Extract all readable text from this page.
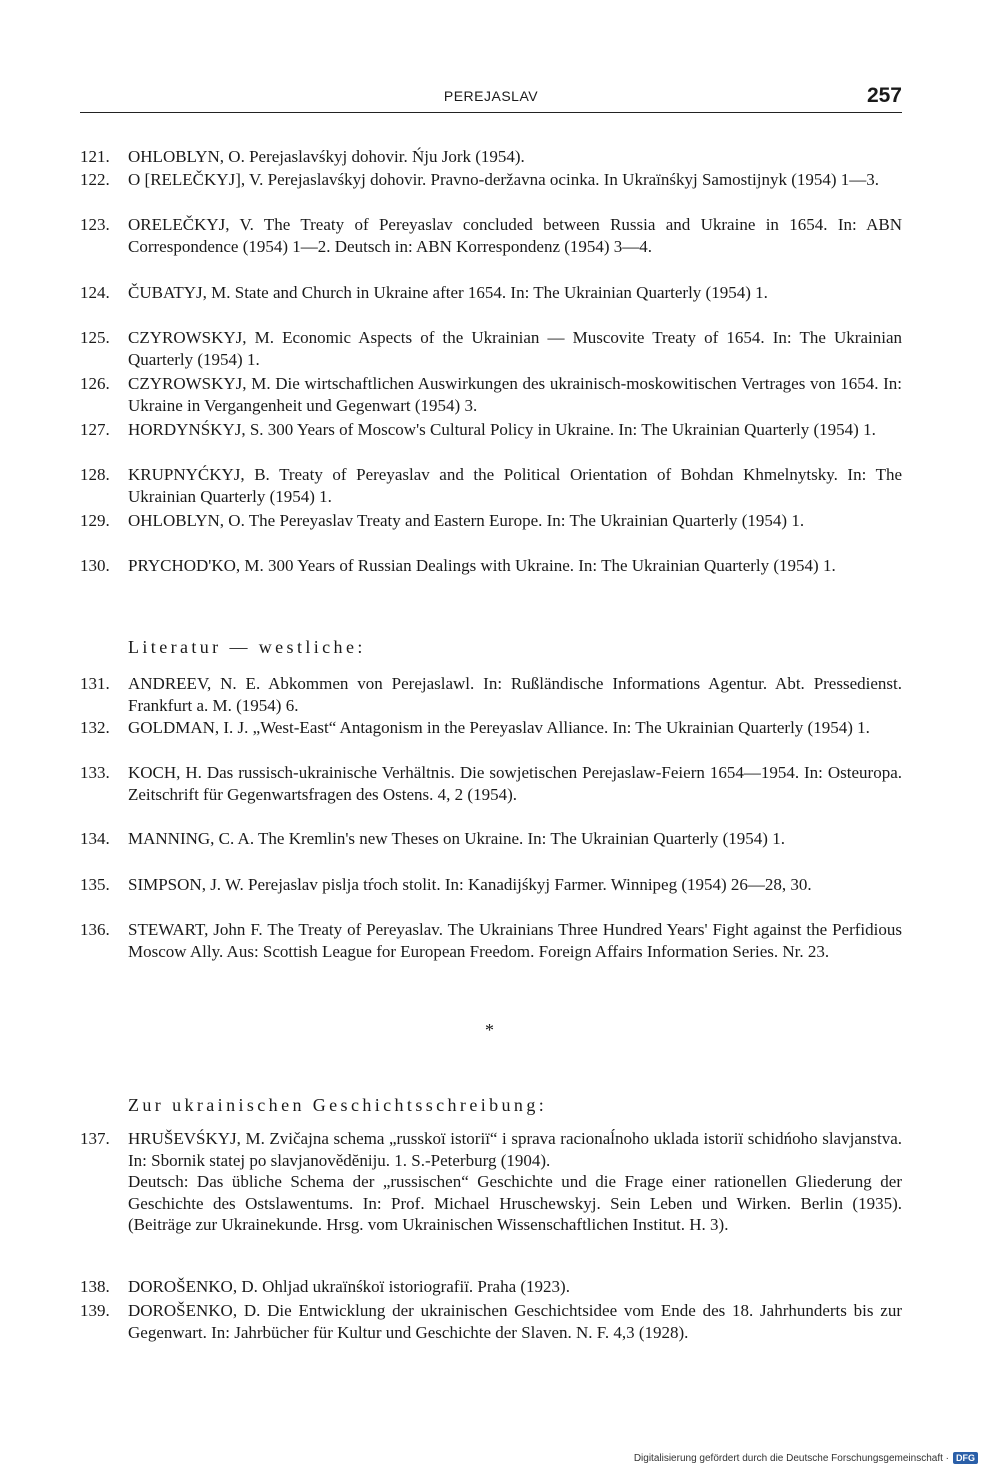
PEREJASLAV	257
121.	OHLOBLYN, O. Perejaslavśkyj dohovir. Ńju Jork (1954).
122.	O [RELEČKYJ], V. Perejaslavśkyj dohovir. Pravno-deržavna ocinka. In Ukraïnśkyj Samostijnyk (1954) 1—3.
123.	ORELEČKYJ, V. The Treaty of Pereyaslav concluded between Russia and Ukraine in 1654. In: ABN Correspondence (1954) 1—2. Deutsch in: ABN Korrespondenz (1954) 3—4.
124.	ČUBATYJ, M. State and Church in Ukraine after 1654. In: The Ukrainian Quarterly (1954) 1.
125.	CZYROWSKYJ, M. Economic Aspects of the Ukrainian — Muscovite Treaty of 1654. In: The Ukrainian Quarterly (1954) 1.
126.	CZYROWSKYJ, M. Die wirtschaftlichen Auswirkungen des ukrainisch-moskowitischen Vertrages von 1654. In: Ukraine in Vergangenheit und Gegenwart (1954) 3.
127.	HORDYNŚKYJ, S. 300 Years of Moscow's Cultural Policy in Ukraine. In: The Ukrainian Quarterly (1954) 1.
128.	KRUPNYĆKYJ, B. Treaty of Pereyaslav and the Political Orientation of Bohdan Khmelnytsky. In: The Ukrainian Quarterly (1954) 1.
129.	OHLOBLYN, O. The Pereyaslav Treaty and Eastern Europe. In: The Ukrainian Quarterly (1954) 1.
130.	PRYCHOD'KO, M. 300 Years of Russian Dealings with Ukraine. In: The Ukrainian Quarterly (1954) 1.
Literatur — westliche:
131.	ANDREEV, N. E. Abkommen von Perejaslawl. In: Rußländische Informations Agentur. Abt. Pressedienst. Frankfurt a. M. (1954) 6.
132.	GOLDMAN, I. J. „West-East“ Antagonism in the Pereyaslav Alliance. In: The Ukrainian Quarterly (1954) 1.
133.	KOCH, H. Das russisch-ukrainische Verhältnis. Die sowjetischen Perejaslaw-Feiern 1654—1954. In: Osteuropa. Zeitschrift für Gegenwartsfragen des Ostens. 4, 2 (1954).
134.	MANNING, C. A. The Kremlin's new Theses on Ukraine. In: The Ukrainian Quarterly (1954) 1.
135.	SIMPSON, J. W. Perejaslav pislja tŕoch stolit. In: Kanadijśkyj Farmer. Winnipeg (1954) 26—28, 30.
136.	STEWART, John F. The Treaty of Pereyaslav. The Ukrainians Three Hundred Years' Fight against the Perfidious Moscow Ally. Aus: Scottish League for European Freedom. Foreign Affairs Information Series. Nr. 23.
*
Zur ukrainischen Geschichtsschreibung:
137.	HRUŠEVŚKYJ, M. Zvičajna schema „russkoï istoriï“ i sprava racionaĺnoho uklada istoriï schidńoho slavjanstva. In: Sbornik statej po slavjanovědĕniju. 1. S.-Peterburg (1904).
Deutsch: Das übliche Schema der „russischen“ Geschichte und die Frage einer rationellen Gliederung der Geschichte des Ostslawentums. In: Prof. Michael Hruschewskyj. Sein Leben und Wirken. Berlin (1935). (Beiträge zur Ukrainekunde. Hrsg. vom Ukrainischen Wissenschaftlichen Institut. H. 3).
138.	DOROŠENKO, D. Ohljad ukraïnśkoï istoriografiï. Praha (1923).
139.	DOROŠENKO, D. Die Entwicklung der ukrainischen Geschichtsidee vom Ende des 18. Jahrhunderts bis zur Gegenwart. In: Jahrbücher für Kultur und Geschichte der Slaven. N. F. 4,3 (1928).
Digitalisierung gefördert durch die Deutsche Forschungsgemeinschaft · DFG
